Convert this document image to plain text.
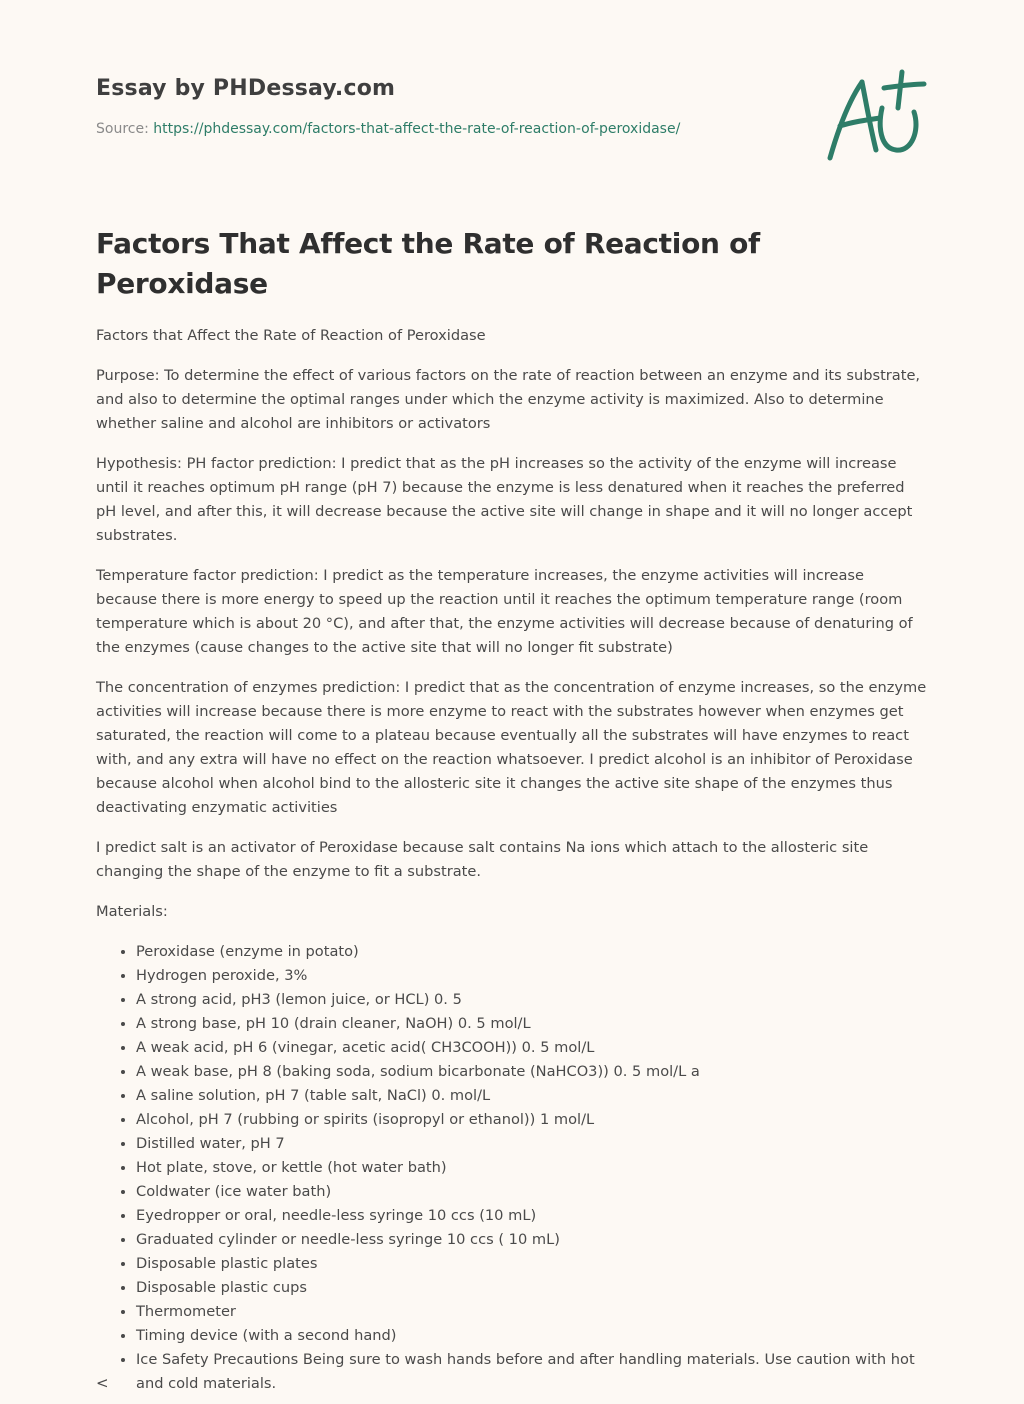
Essay by PHDessay.com
Source: https://phdessay.com/factors-that-affect-the-rate-of-reaction-of-peroxidase/
Factors That Affect the Rate of Reaction of Peroxidase

Factors that Affect the Rate of Reaction of Peroxidase

Purpose: To determine the effect of various factors on the rate of reaction between an enzyme and its substrate, and also to determine the optimal ranges under which the enzyme activity is maximized. Also to determine whether saline and alcohol are inhibitors or activators

Hypothesis: PH factor prediction: I predict that as the pH increases so the activity of the enzyme will increase until it reaches optimum pH range (pH 7) because the enzyme is less denatured when it reaches the preferred pH level, and after this, it will decrease because the active site will change in shape and it will no longer accept substrates.

Temperature factor prediction: I predict as the temperature increases, the enzyme activities will increase because there is more energy to speed up the reaction until it reaches the optimum temperature range (room temperature which is about 20 °C), and after that, the enzyme activities will decrease because of denaturing of the enzymes (cause changes to the active site that will no longer fit substrate)

The concentration of enzymes prediction: I predict that as the concentration of enzyme increases, so the enzyme activities will increase because there is more enzyme to react with the substrates however when enzymes get saturated, the reaction will come to a plateau because eventually all the substrates will have enzymes to react with, and any extra will have no effect on the reaction whatsoever. I predict alcohol is an inhibitor of Peroxidase because alcohol when alcohol bind to the allosteric site it changes the active site shape of the enzymes thus deactivating enzymatic activities

I predict salt is an activator of Peroxidase because salt contains Na ions which attach to the allosteric site changing the shape of the enzyme to fit a substrate.

Materials:

• Peroxidase (enzyme in potato)
• Hydrogen peroxide, 3%
• A strong acid, pH3 (lemon juice, or HCL) 0. 5
• A strong base, pH 10 (drain cleaner, NaOH) 0. 5 mol/L
• A weak acid, pH 6 (vinegar, acetic acid( CH3COOH)) 0. 5 mol/L
• A weak base, pH 8 (baking soda, sodium bicarbonate (NaHCO3)) 0. 5 mol/L a
• A saline solution, pH 7 (table salt, NaCl) 0. mol/L
• Alcohol, pH 7 (rubbing or spirits (isopropyl or ethanol)) 1 mol/L
• Distilled water, pH 7
• Hot plate, stove, or kettle (hot water bath)
• Coldwater (ice water bath)
• Eyedropper or oral, needle-less syringe 10 ccs (10 mL)
• Graduated cylinder or needle-less syringe 10 ccs ( 10 mL)
• Disposable plastic plates
• Disposable plastic cups
• Thermometer
• Timing device (with a second hand)
• Ice Safety Precautions Being sure to wash hands before and after handling materials. Use caution with hot and cold materials.
<
